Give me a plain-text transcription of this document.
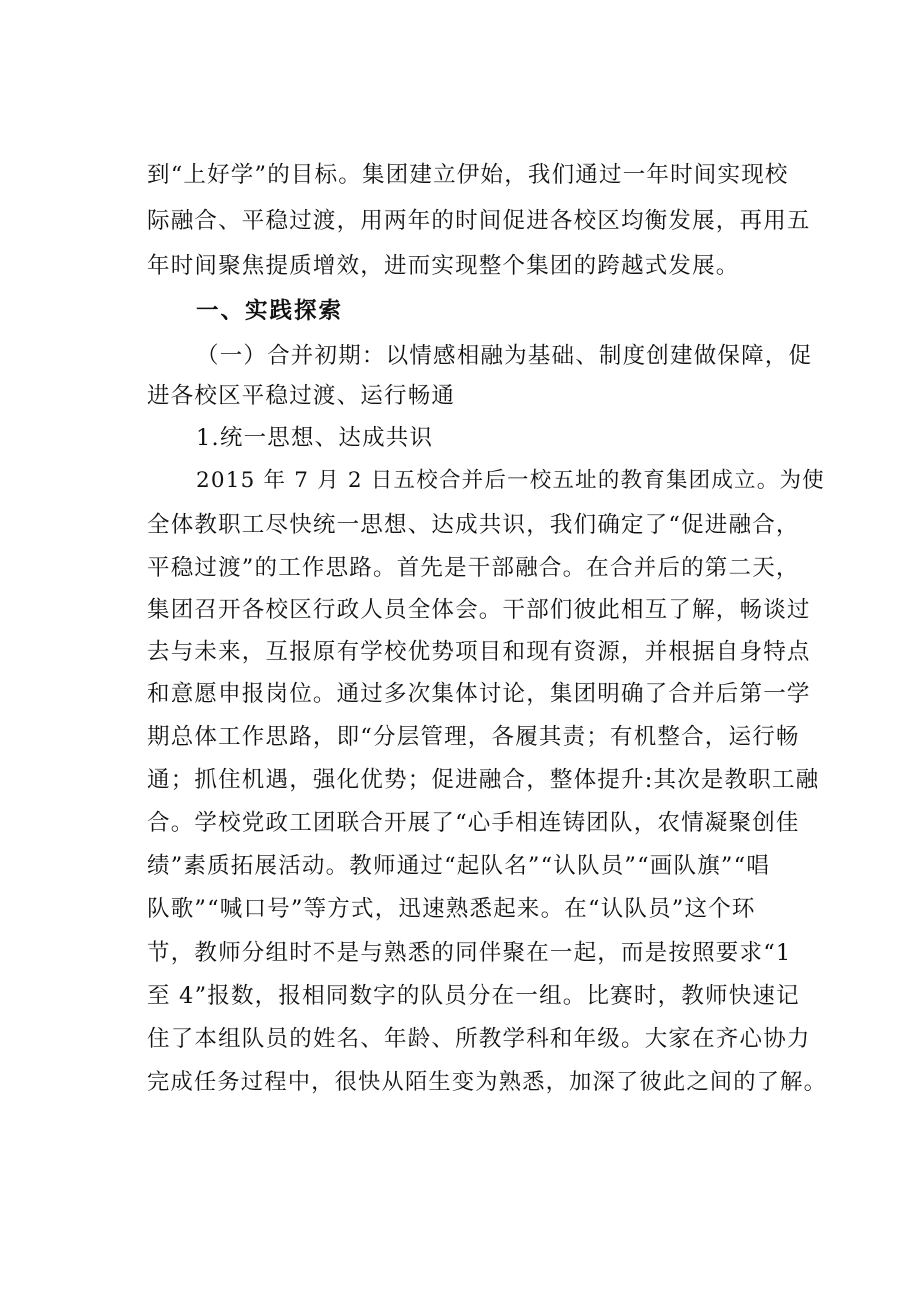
到“上好学”的目标。集团建立伊始，我们通过一年时间实现校
际融合、平稳过渡，用两年的时间促进各校区均衡发展，再用五
年时间聚焦提质增效，进而实现整个集团的跨越式发展。
一、实践探索
（一）合并初期：以情感相融为基础、制度创建做保障，促
进各校区平稳过渡、运行畅通
1.统一思想、达成共识
2015 年 7 月 2 日五校合并后一校五址的教育集团成立。为使
全体教职工尽快统一思想、达成共识，我们确定了“促进融合，
平稳过渡”的工作思路。首先是干部融合。在合并后的第二天，
集团召开各校区行政人员全体会。干部们彼此相互了解，畅谈过
去与未来，互报原有学校优势项目和现有资源，并根据自身特点
和意愿申报岗位。通过多次集体讨论，集团明确了合并后第一学
期总体工作思路，即“分层管理，各履其责；有机整合，运行畅
通；抓住机遇，强化优势；促进融合，整体提升:其次是教职工融
合。学校党政工团联合开展了“心手相连铸团队，农情凝聚创佳
绩”素质拓展活动。教师通过“起队名”“认队员”“画队旗”“唱
队歌”“喊口号”等方式，迅速熟悉起来。在“认队员”这个环
节，教师分组时不是与熟悉的同伴聚在一起，而是按照要求“1
至 4”报数，报相同数字的队员分在一组。比赛时，教师快速记
住了本组队员的姓名、年龄、所教学科和年级。大家在齐心协力
完成任务过程中，很快从陌生变为熟悉，加深了彼此之间的了解。
